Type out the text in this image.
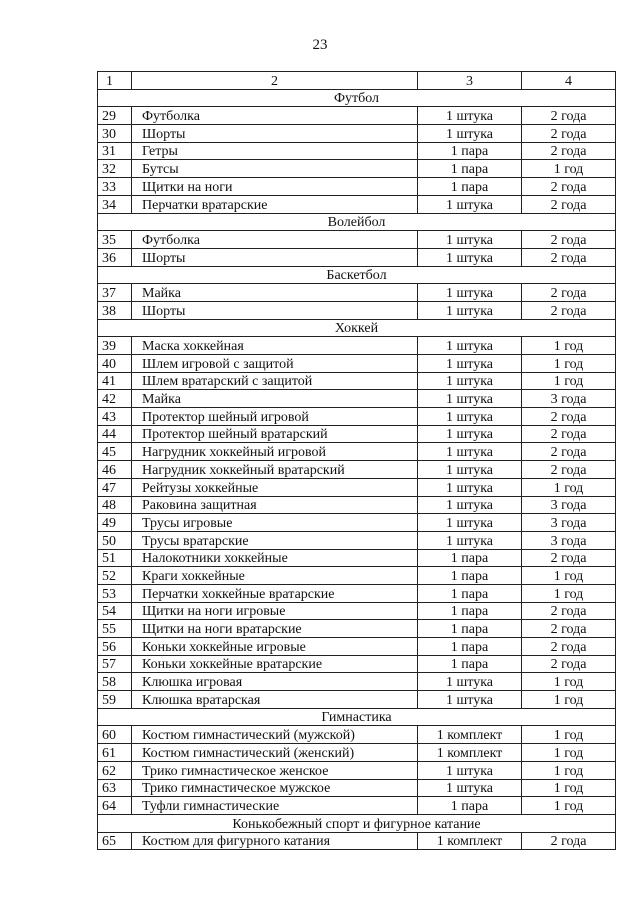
23
1	2	3	4
Футбол			
29	Футболка	1 штука	2 года
30	Шорты	1 штука	2 года
31	Гетры	1 пара	2 года
32	Бутсы	1 пара	1 год
33	Щитки на ноги	1 пара	2 года
34	Перчатки вратарские	1 штука	2 года
Волейбол			
35	Футболка	1 штука	2 года
36	Шорты	1 штука	2 года
Баскетбол			
37	Майка	1 штука	2 года
38	Шорты	1 штука	2 года
Хоккей			
39	Маска хоккейная	1 штука	1 год
40	Шлем игровой с защитой	1 штука	1 год
41	Шлем вратарский с защитой	1 штука	1 год
42	Майка	1 штука	3 года
43	Протектор шейный игровой	1 штука	2 года
44	Протектор шейный вратарский	1 штука	2 года
45	Нагрудник хоккейный игровой	1 штука	2 года
46	Нагрудник хоккейный вратарский	1 штука	2 года
47	Рейтузы хоккейные	1 штука	1 год
48	Раковина защитная	1 штука	3 года
49	Трусы игровые	1 штука	3 года
50	Трусы вратарские	1 штука	3 года
51	Налокотники хоккейные	1 пара	2 года
52	Краги хоккейные	1 пара	1 год
53	Перчатки хоккейные вратарские	1 пара	1 год
54	Щитки на ноги игровые	1 пара	2 года
55	Щитки на ноги вратарские	1 пара	2 года
56	Коньки хоккейные игровые	1 пара	2 года
57	Коньки хоккейные вратарские	1 пара	2 года
58	Клюшка игровая	1 штука	1 год
59	Клюшка вратарская	1 штука	1 год
Гимнастика			
60	Костюм гимнастический (мужской)	1 комплект	1 год
61	Костюм гимнастический (женский)	1 комплект	1 год
62	Трико гимнастическое женское	1 штука	1 год
63	Трико гимнастическое мужское	1 штука	1 год
64	Туфли гимнастические	1 пара	1 год
Конькобежный спорт и фигурное катание			
65	Костюм для фигурного катания	1 комплект	2 года
